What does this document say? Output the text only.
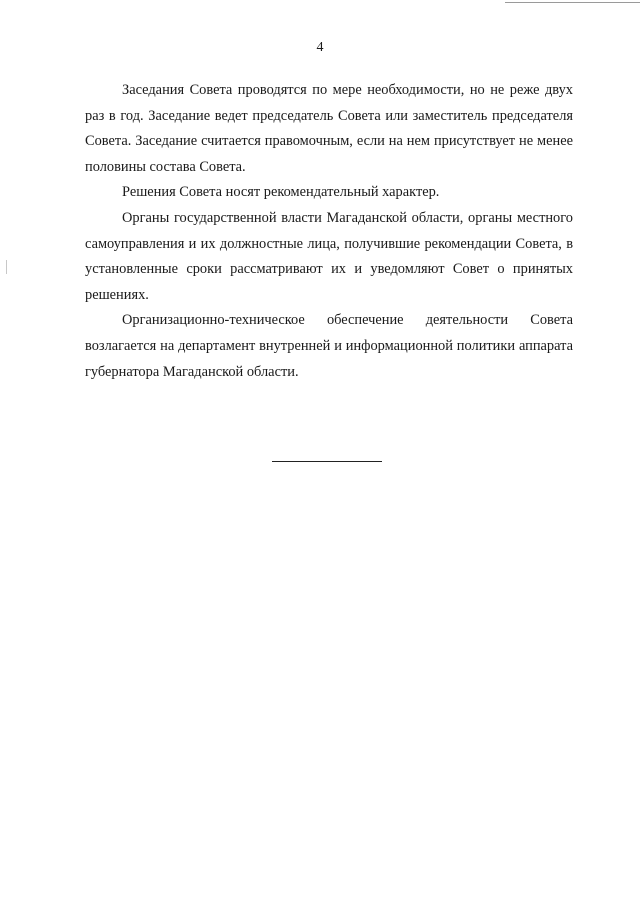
4

Заседания Совета проводятся по мере необходимости, но не реже двух раз в год. Заседание ведет председатель Совета или заместитель председателя Совета. Заседание считается правомочным, если на нем присутствует не менее половины состава Совета.

Решения Совета носят рекомендательный характер.

Органы государственной власти Магаданской области, органы местного самоуправления и их должностные лица, получившие рекомендации Совета, в установленные сроки рассматривают их и уведомляют Совет о принятых решениях.

Организационно-техническое обеспечение деятельности Совета возлагается на департамент внутренней и информационной политики аппарата губернатора Магаданской области.
